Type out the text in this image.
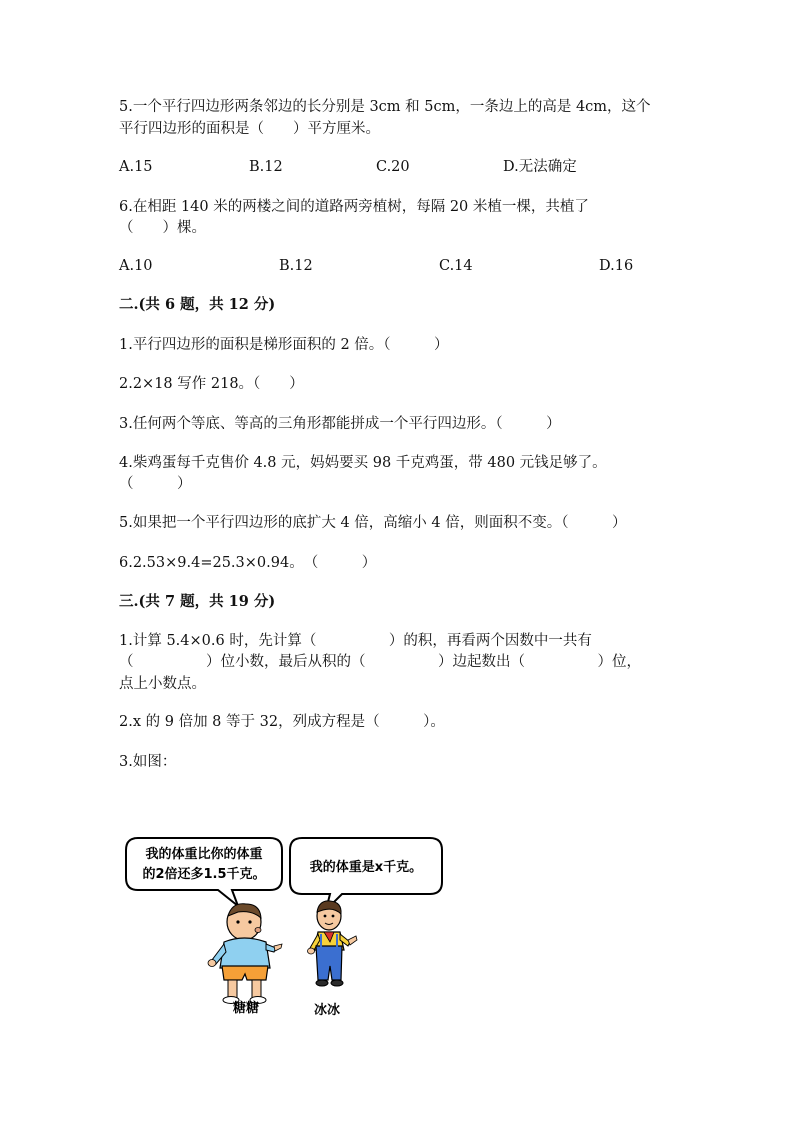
5.一个平行四边形两条邻边的长分别是 3cm 和 5cm，一条边上的高是 4cm，这个
平行四边形的面积是（　　）平方厘米。
A.15	B.12	C.20	D.无法确定
6.在相距 140 米的两楼之间的道路两旁植树，每隔 20 米植一棵，共植了
（　　）棵。
A.10	B.12	C.14	D.16
二.(共 6 题，共 12 分)
1.平行四边形的面积是梯形面积的 2 倍。（　　　）
2.2×18 写作 218。（　　）
3.任何两个等底、等高的三角形都能拼成一个平行四边形。（　　　）
4.柴鸡蛋每千克售价 4.8 元，妈妈要买 98 千克鸡蛋，带 480 元钱足够了。
（　　　）
5.如果把一个平行四边形的底扩大 4 倍，高缩小 4 倍，则面积不变。（　　　）
6.2.53×9.4=25.3×0.94。　（　　　）
三.(共 7 题，共 19 分)
1.计算 5.4×0.6 时，先计算（　　　　　）的积，再看两个因数中一共有
（　　　　　）位小数，最后从积的（　　　　　）边起数出（　　　　　）位，
点上小数点。
2.x 的 9 倍加 8 等于 32，列成方程是（　　　）。
3.如图：
我的体重比你的体重
的2倍还多1.5千克。	我的体重是x千克。
糖糖	冰冰
